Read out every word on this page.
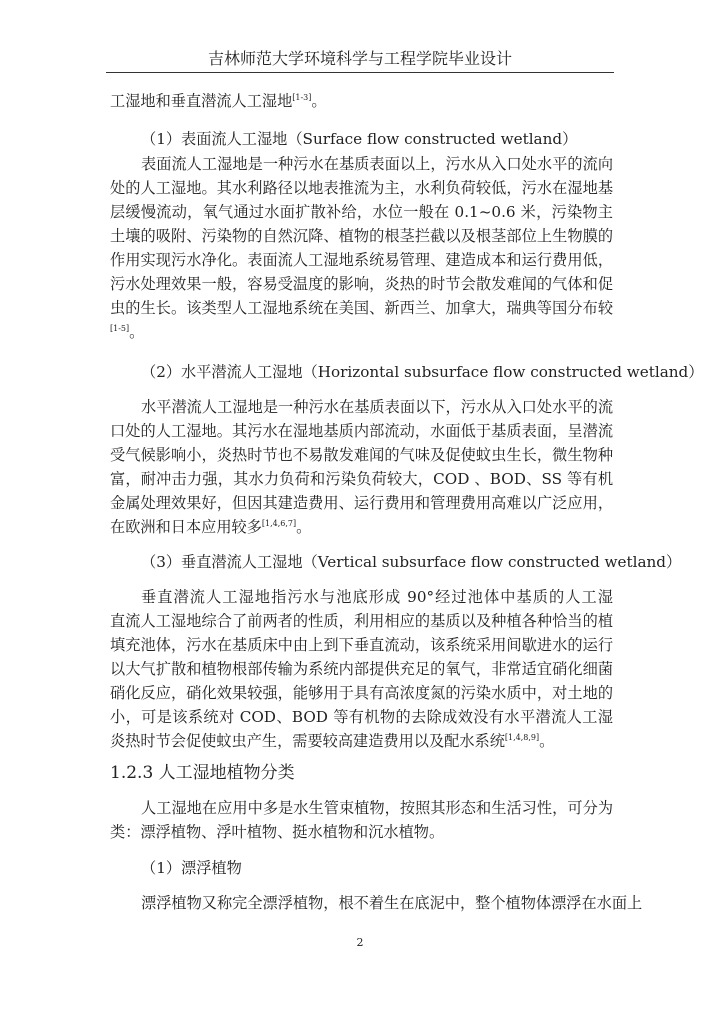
吉林师范大学环境科学与工程学院毕业设计
工湿地和垂直潜流人工湿地[1-3]。
（1）表面流人工湿地（Surface flow constructed wetland）
表面流人工湿地是一种污水在基质表面以上，污水从入口处水平的流向
处的人工湿地。其水利路径以地表推流为主，水利负荷较低，污水在湿地基
层缓慢流动，氧气通过水面扩散补给，水位一般在 0.1~0.6 米，污染物主
土壤的吸附、污染物的自然沉降、植物的根茎拦截以及根茎部位上生物膜的
作用实现污水净化。表面流人工湿地系统易管理、建造成本和运行费用低，
污水处理效果一般，容易受温度的影响，炎热的时节会散发难闻的气体和促
虫的生长。该类型人工湿地系统在美国、新西兰、加拿大，瑞典等国分布较
[1-5]。
（2）水平潜流人工湿地（Horizontal subsurface flow constructed wetland）
水平潜流人工湿地是一种污水在基质表面以下，污水从入口处水平的流
口处的人工湿地。其污水在湿地基质内部流动，水面低于基质表面，呈潜流
受气候影响小，炎热时节也不易散发难闻的气味及促使蚊虫生长，微生物种
富，耐冲击力强，其水力负荷和污染负荷较大，COD 、BOD、SS 等有机
金属处理效果好，但因其建造费用、运行费用和管理费用高难以广泛应用，
在欧洲和日本应用较多[1,4,6,7]。
（3）垂直潜流人工湿地（Vertical subsurface flow constructed wetland）
垂直潜流人工湿地指污水与池底形成 90°经过池体中基质的人工湿
直流人工湿地综合了前两者的性质，利用相应的基质以及种植各种恰当的植
填充池体，污水在基质床中由上到下垂直流动，该系统采用间歇进水的运行
以大气扩散和植物根部传输为系统内部提供充足的氧气，非常适宜硝化细菌
硝化反应，硝化效果较强，能够用于具有高浓度氮的污染水质中，对土地的
小，可是该系统对 COD、BOD 等有机物的去除成效没有水平潜流人工湿
炎热时节会促使蚊虫产生，需要较高建造费用以及配水系统[1,4,8,9]。
1.2.3 人工湿地植物分类
人工湿地在应用中多是水生管束植物，按照其形态和生活习性，可分为
类：漂浮植物、浮叶植物、挺水植物和沉水植物。
（1）漂浮植物
漂浮植物又称完全漂浮植物，根不着生在底泥中，整个植物体漂浮在水面上
2
